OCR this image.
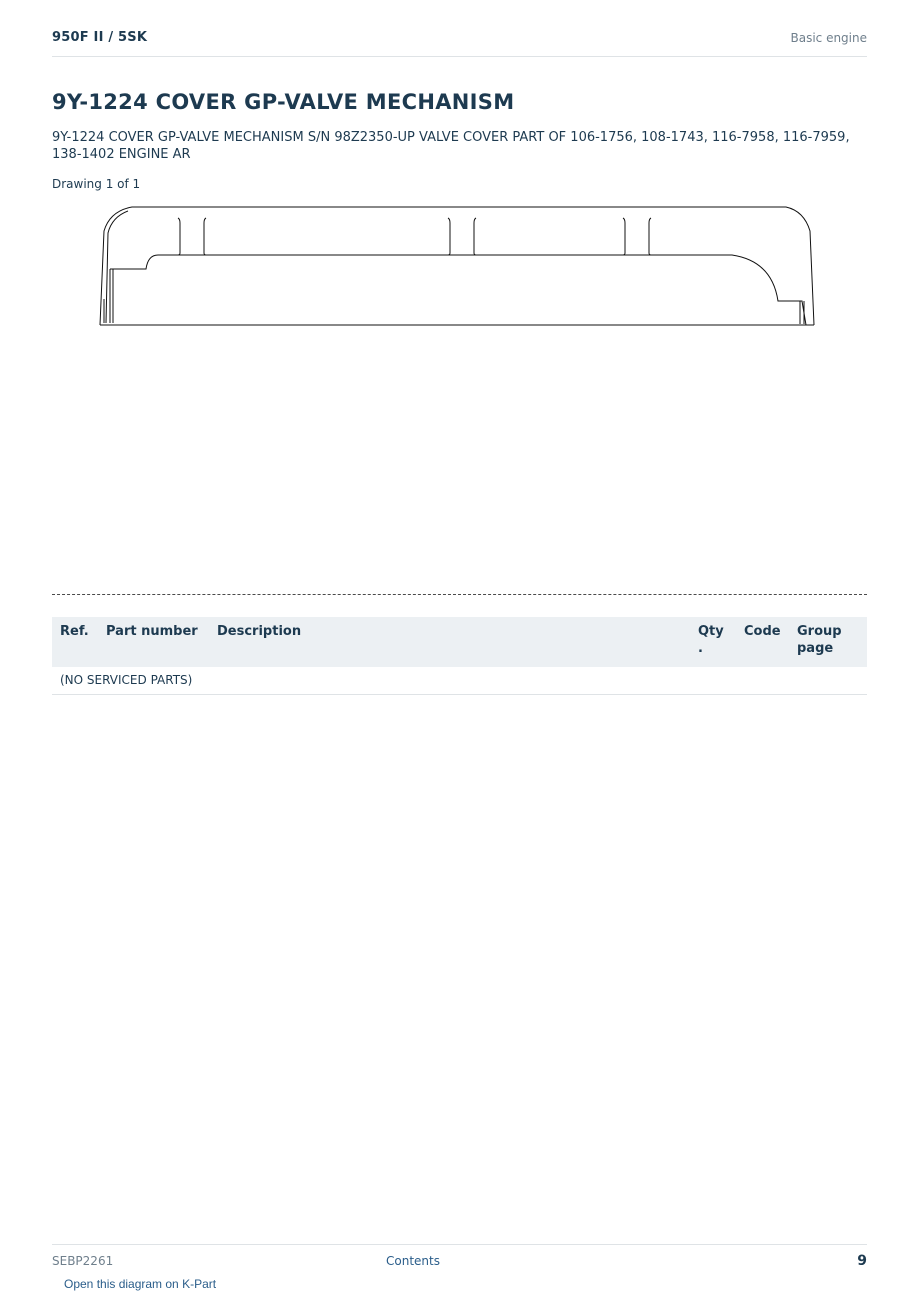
950F II / 5SK	Basic engine
9Y-1224 COVER GP-VALVE MECHANISM
9Y-1224 COVER GP-VALVE MECHANISM S/N 98Z2350-UP VALVE COVER PART OF 106-1756, 108-1743, 116-7958, 116-7959, 138-1402 ENGINE AR
Drawing 1 of 1
Ref.	Part number	Description	Qty .	Code	Group page
(NO SERVICED PARTS)
SEBP2261	Contents	9
Open this diagram on K-Part
